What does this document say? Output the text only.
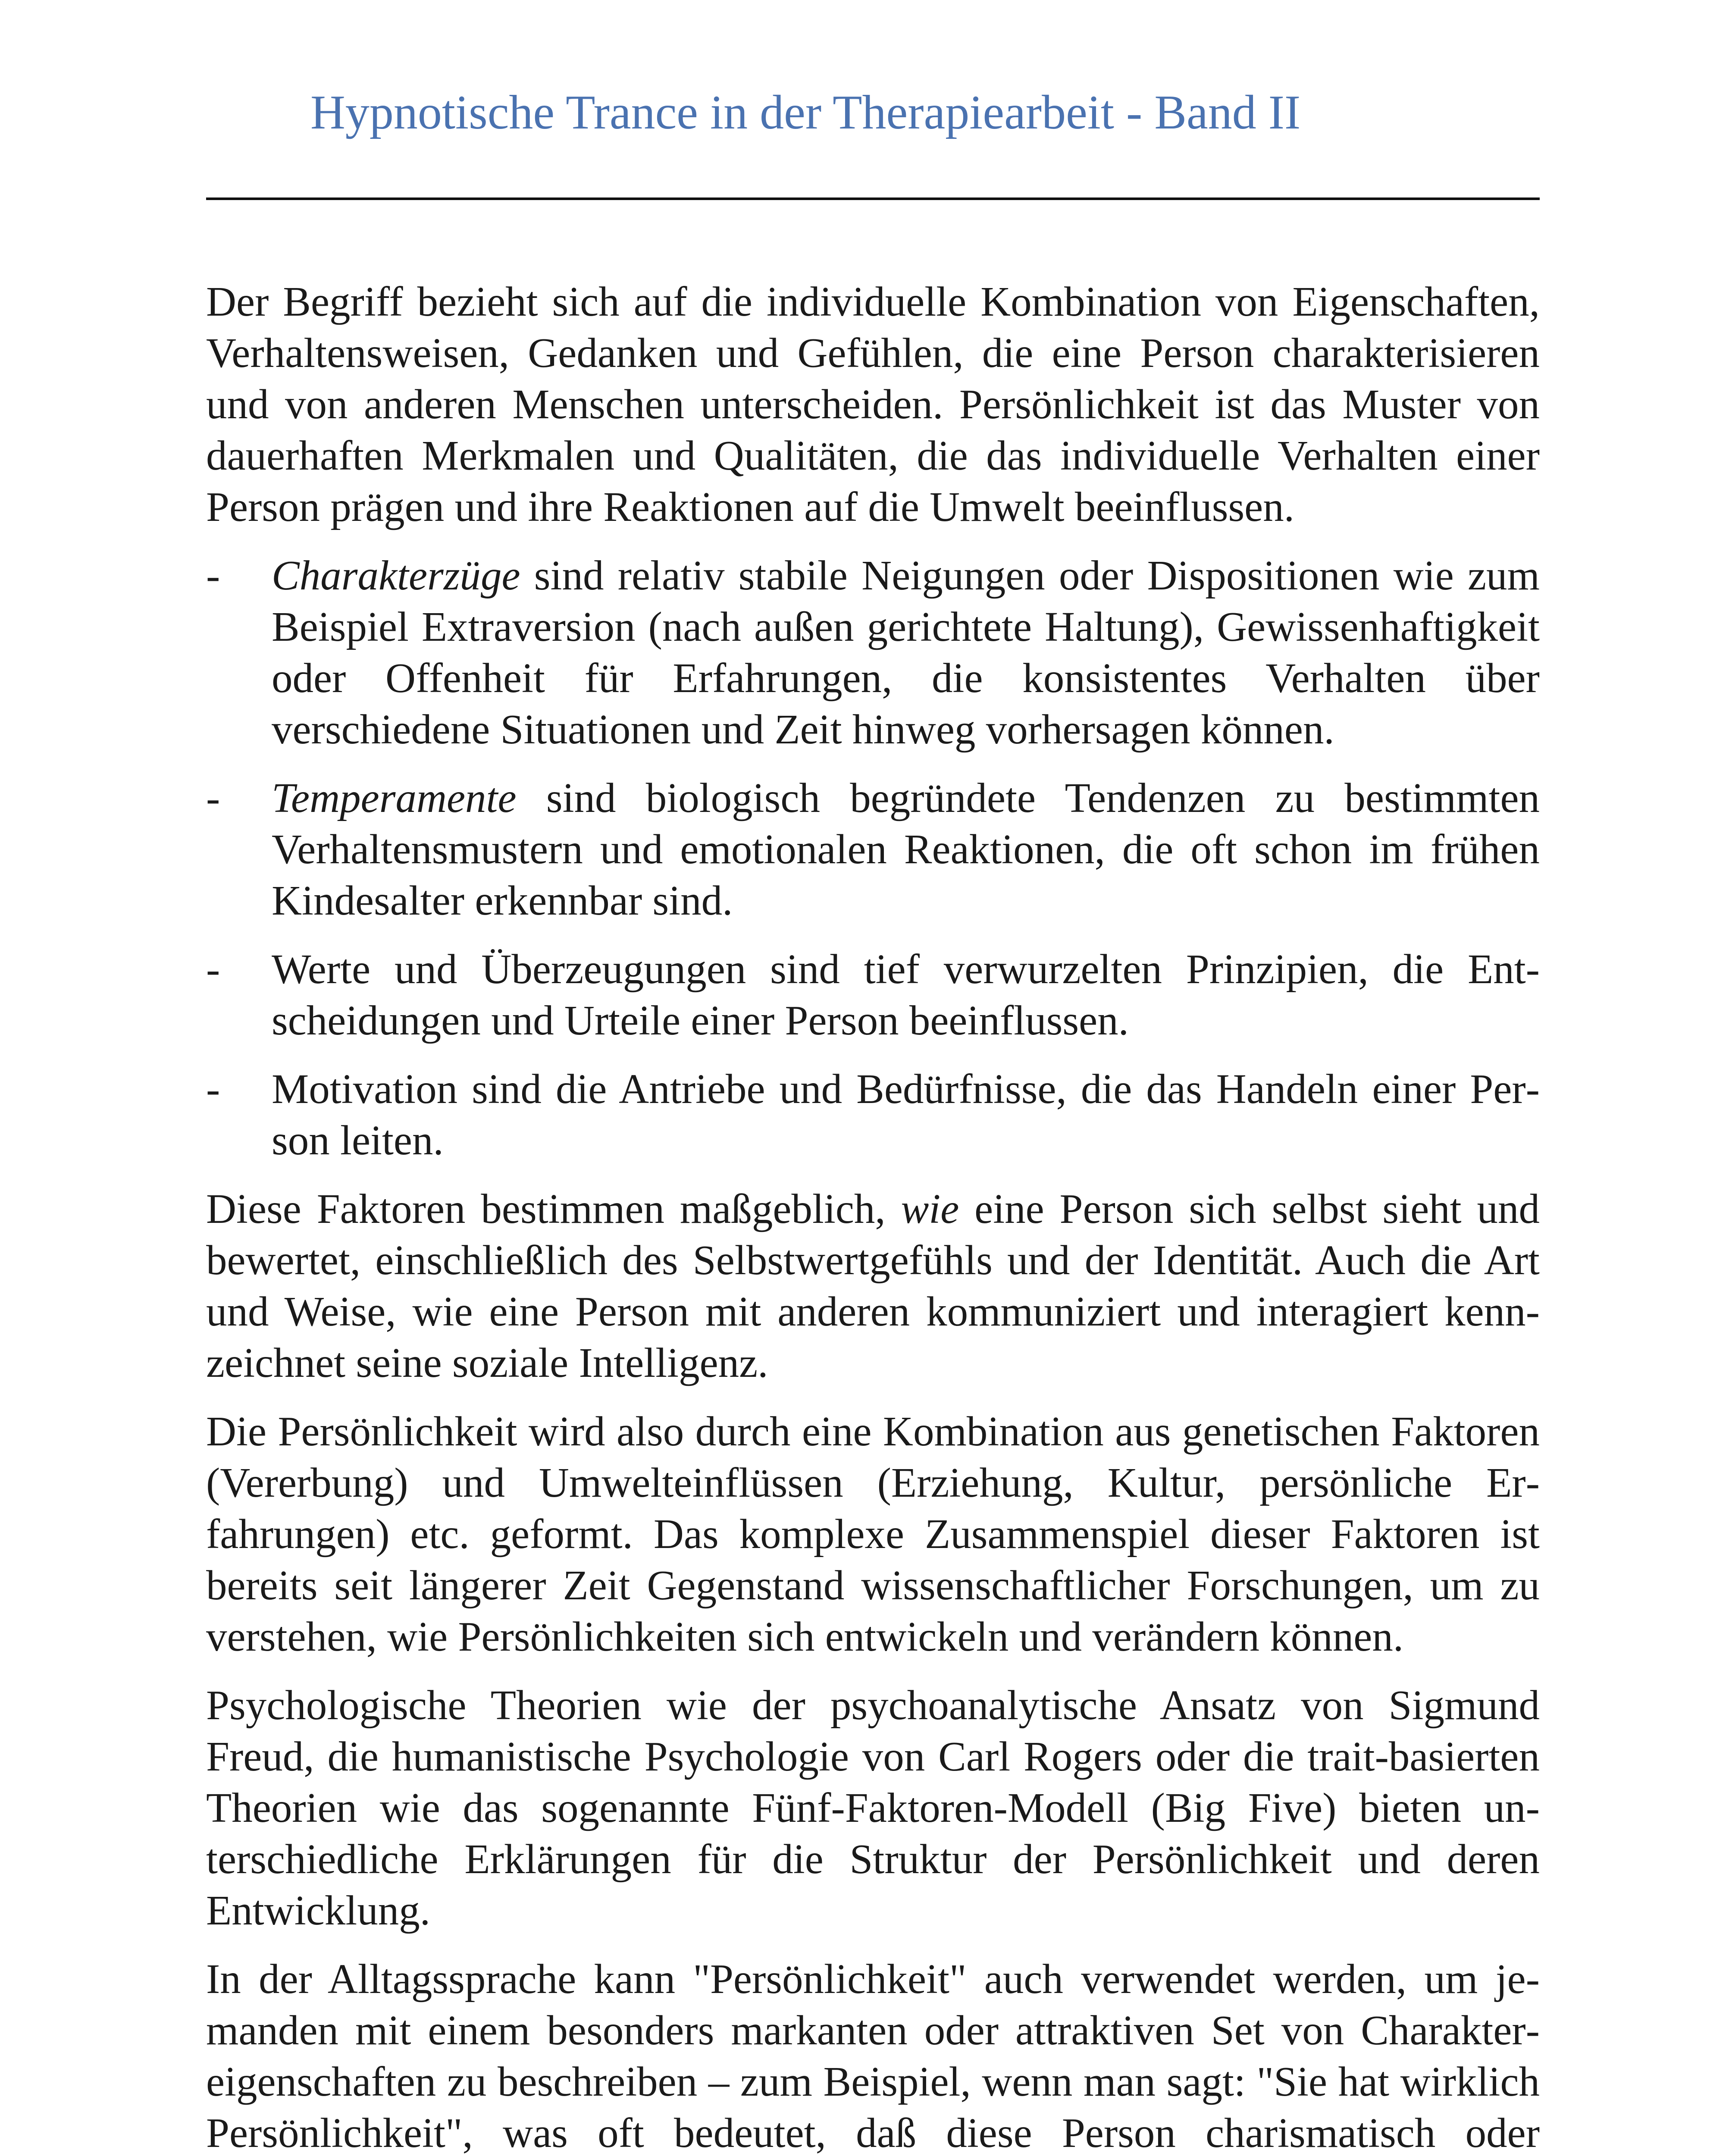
Hypnotische Trance in der Therapiearbeit - Band II

Der Begriff bezieht sich auf die individuelle Kombination von Eigenschaften, Verhaltensweisen, Gedanken und Gefühlen, die eine Person charakterisieren und von anderen Menschen unterscheiden. Persönlichkeit ist das Muster von dauerhaften Merkmalen und Qualitäten, die das individuelle Verhalten einer Person prägen und ihre Reaktionen auf die Umwelt beeinflussen.

- Charakterzüge sind relativ stabile Neigungen oder Dispositionen wie zum Beispiel Extraversion (nach außen gerichtete Haltung), Gewissenhaftigkeit oder Offenheit für Erfahrungen, die konsistentes Verhalten über verschiedene Situationen und Zeit hinweg vorhersagen können.
- Temperamente sind biologisch begründete Tendenzen zu bestimmten Verhaltensmustern und emotionalen Reaktionen, die oft schon im frühen Kindesalter erkennbar sind.
- Werte und Überzeugungen sind tief verwurzelten Prinzipien, die Entscheidungen und Urteile einer Person beeinflussen.
- Motivation sind die Antriebe und Bedürfnisse, die das Handeln einer Person leiten.

Diese Faktoren bestimmen maßgeblich, wie eine Person sich selbst sieht und bewertet, einschließlich des Selbstwertgefühls und der Identität. Auch die Art und Weise, wie eine Person mit anderen kommuniziert und interagiert kennzeichnet seine soziale Intelligenz.

Die Persönlichkeit wird also durch eine Kombination aus genetischen Faktoren (Vererbung) und Umwelteinflüssen (Erziehung, Kultur, persönliche Erfahrungen) etc. geformt. Das komplexe Zusammenspiel dieser Faktoren ist bereits seit längerer Zeit Gegenstand wissenschaftlicher Forschungen, um zu verstehen, wie Persönlichkeiten sich entwickeln und verändern können.

Psychologische Theorien wie der psychoanalytische Ansatz von Sigmund Freud, die humanistische Psychologie von Carl Rogers oder die trait-basierten Theorien wie das sogenannte Fünf-Faktoren-Modell (Big Five) bieten unterschiedliche Erklärungen für die Struktur der Persönlichkeit und deren Entwicklung.

In der Alltagssprache kann "Persönlichkeit" auch verwendet werden, um jemanden mit einem besonders markanten oder attraktiven Set von Charaktereigenschaften zu beschreiben – zum Beispiel, wenn man sagt: "Sie hat wirklich Persönlichkeit", was oft bedeutet, daß diese Person charismatisch oder
